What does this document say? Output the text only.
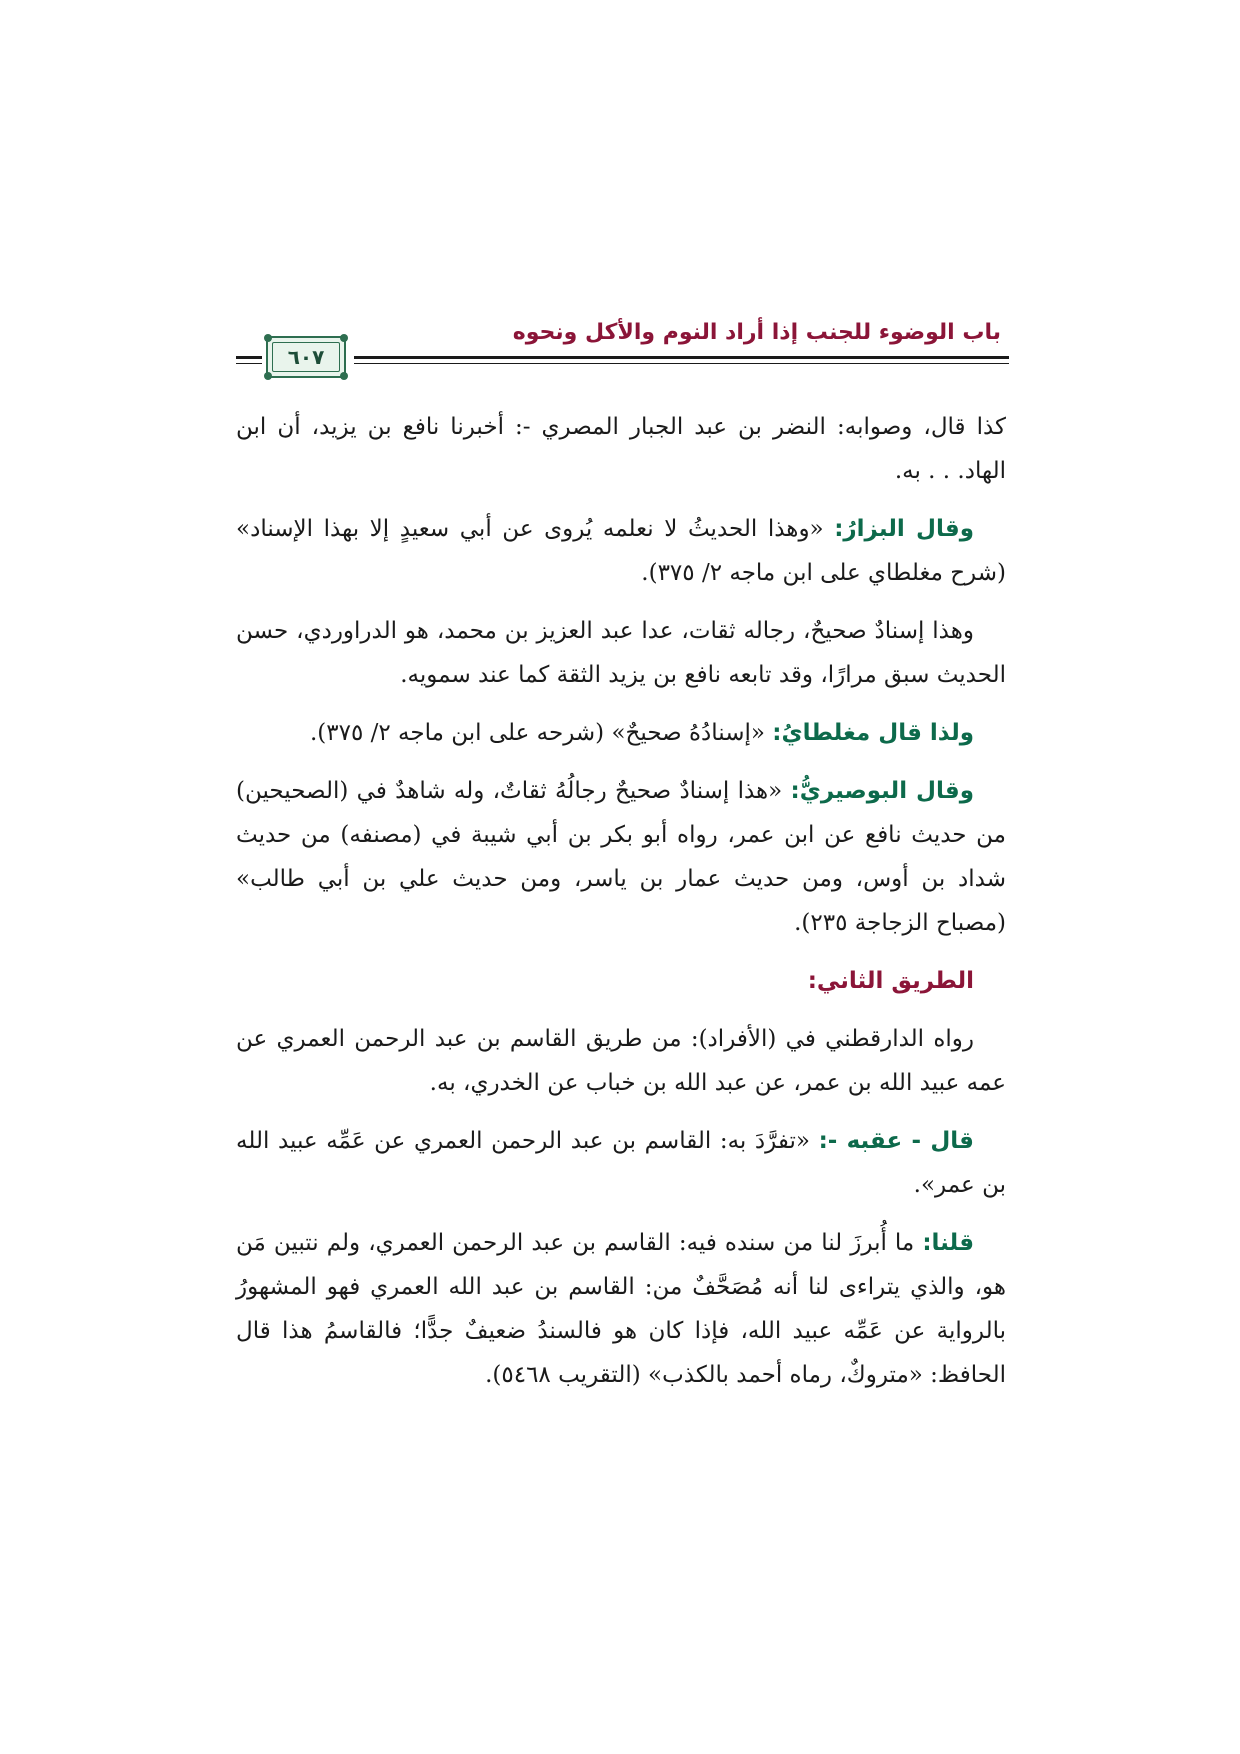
باب الوضوء للجنب إذا أراد النوم والأكل ونحوه
٦٠٧

كذا قال، وصوابه: النضر بن عبد الجبار المصري -: أخبرنا نافع بن يزيد، أن ابن الهاد. . . به.

وقال البزارُ: «وهذا الحديثُ لا نعلمه يُروى عن أبي سعيدٍ إلا بهذا الإسناد» (شرح مغلطاي على ابن ماجه ٢/ ٣٧٥).

وهذا إسنادٌ صحيحٌ، رجاله ثقات، عدا عبد العزيز بن محمد، هو الدراوردي، حسن الحديث سبق مرارًا، وقد تابعه نافع بن يزيد الثقة كما عند سمويه.

ولذا قال مغلطايُ: «إسنادُهُ صحيحٌ» (شرحه على ابن ماجه ٢/ ٣٧٥).

وقال البوصيريُّ: «هذا إسنادٌ صحيحٌ رجالُهُ ثقاتٌ، وله شاهدٌ في (الصحيحين) من حديث نافع عن ابن عمر، رواه أبو بكر بن أبي شيبة في (مصنفه) من حديث شداد بن أوس، ومن حديث عمار بن ياسر، ومن حديث علي بن أبي طالب» (مصباح الزجاجة ٢٣٥).

الطريق الثاني:

رواه الدارقطني في (الأفراد): من طريق القاسم بن عبد الرحمن العمري عن عمه عبيد الله بن عمر، عن عبد الله بن خباب عن الخدري، به.

قال - عقبه -: «تفرَّدَ به: القاسم بن عبد الرحمن العمري عن عَمِّه عبيد الله بن عمر».

قلنا: ما أُبرزَ لنا من سنده فيه: القاسم بن عبد الرحمن العمري، ولم نتبين مَن هو، والذي يتراءى لنا أنه مُصَحَّفٌ من: القاسم بن عبد الله العمري فهو المشهورُ بالرواية عن عَمِّه عبيد الله، فإذا كان هو فالسندُ ضعيفٌ جدًّا؛ فالقاسمُ هذا قال الحافظ: «متروكٌ، رماه أحمد بالكذب» (التقريب ٥٤٦٨).
